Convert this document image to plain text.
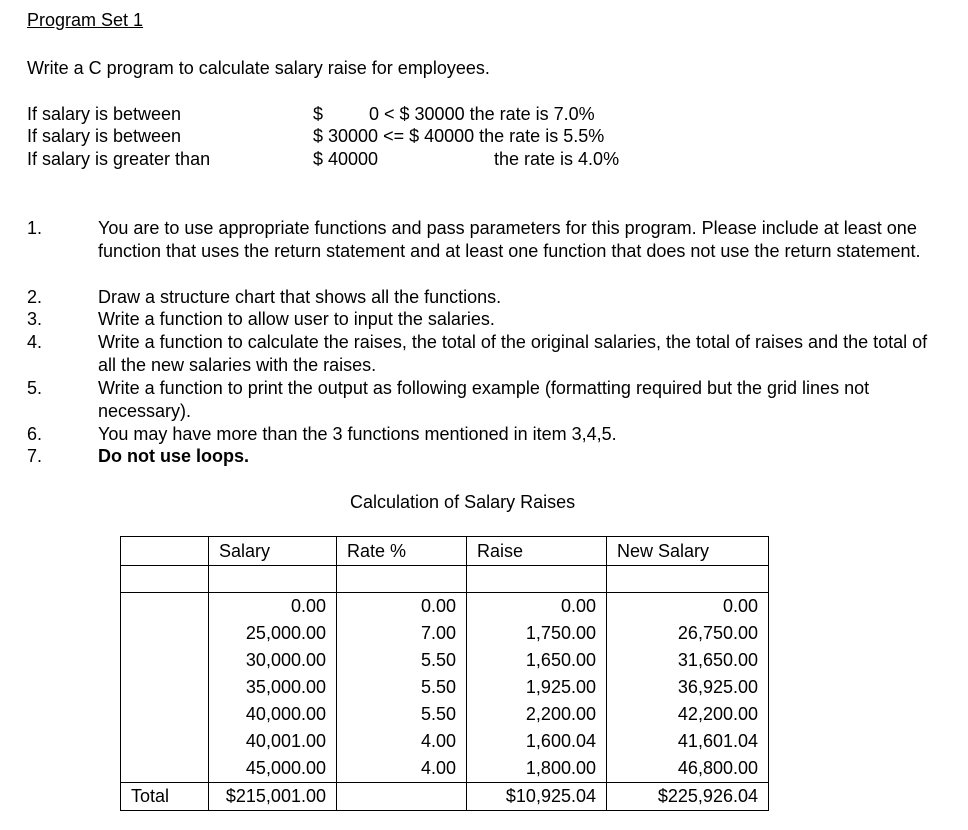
Program Set 1
Write a C program to calculate salary raise for employees.
If salary is between	$	0 < $ 30000 the rate is 7.0%
If salary is between	$ 30000 <= $ 40000 the rate is 5.5%
If salary is greater than	$ 40000	the rate is 4.0%
1.	You are to use appropriate functions and pass parameters for this program. Please include at least one function that uses the return statement and at least one function that does not use the return statement.
2.	Draw a structure chart that shows all the functions.
3.	Write a function to allow user to input the salaries.
4.	Write a function to calculate the raises, the total of the original salaries, the total of raises and the total of all the new salaries with the raises.
5.	Write a function to print the output as following example (formatting required but the grid lines not necessary).
6.	You may have more than the 3 functions mentioned in item 3,4,5.
7.	Do not use loops.
Calculation of Salary Raises
	Salary	Rate %	Raise	New Salary

	0.00	0.00	0.00	0.00
	25,000.00	7.00	1,750.00	26,750.00
	30,000.00	5.50	1,650.00	31,650.00
	35,000.00	5.50	1,925.00	36,925.00
	40,000.00	5.50	2,200.00	42,200.00
	40,001.00	4.00	1,600.04	41,601.04
	45,000.00	4.00	1,800.00	46,800.00
Total	$215,001.00		$10,925.04	$225,926.04
